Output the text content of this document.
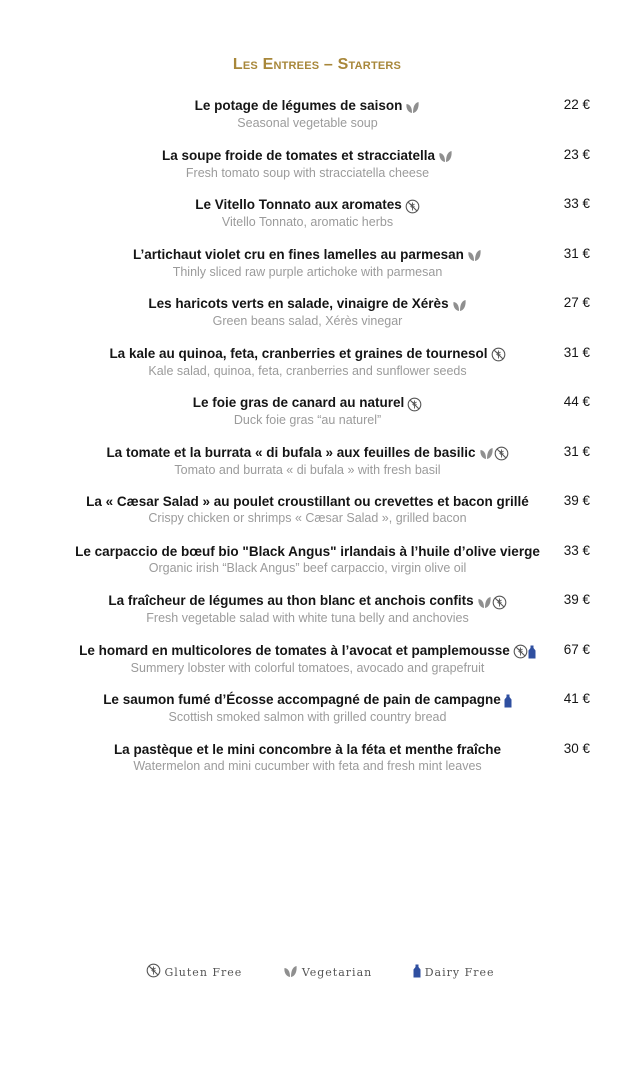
Les Entrees – Starters
Le potage de légumes de saison
Seasonal vegetable soup
22 €
La soupe froide de tomates et stracciatella
Fresh tomato soup with stracciatella cheese
23 €
Le Vitello Tonnato aux aromates
Vitello Tonnato, aromatic herbs
33 €
L’artichaut violet cru en fines lamelles au parmesan
Thinly sliced raw purple artichoke with parmesan
31 €
Les haricots verts en salade, vinaigre de Xérès
Green beans salad, Xérès vinegar
27 €
La kale au quinoa, feta, cranberries et graines de tournesol
Kale salad, quinoa, feta, cranberries and sunflower seeds
31 €
Le foie gras de canard au naturel
Duck foie gras “au naturel”
44 €
La tomate et la burrata « di bufala » aux feuilles de basilic
Tomato and burrata « di bufala » with fresh basil
31 €
La « Cæsar Salad » au poulet croustillant ou crevettes et bacon grillé
Crispy chicken or shrimps « Cæsar Salad », grilled bacon
39 €
Le carpaccio de bœuf bio "Black Angus" irlandais à l’huile d’olive vierge
Organic irish “Black Angus” beef carpaccio, virgin olive oil
33 €
La fraîcheur de légumes au thon blanc et anchois confits
Fresh vegetable salad with white tuna belly and anchovies
39 €
Le homard en multicolores de tomates à l’avocat et pamplemousse
Summery lobster with colorful tomatoes, avocado and grapefruit
67 €
Le saumon fumé d’Écosse accompagné de pain de campagne
Scottish smoked salmon with grilled country bread
41 €
La pastèque et le mini concombre à la féta et menthe fraîche
Watermelon and mini cucumber with feta and fresh mint leaves
30 €
Gluten Free	Vegetarian	Dairy Free
